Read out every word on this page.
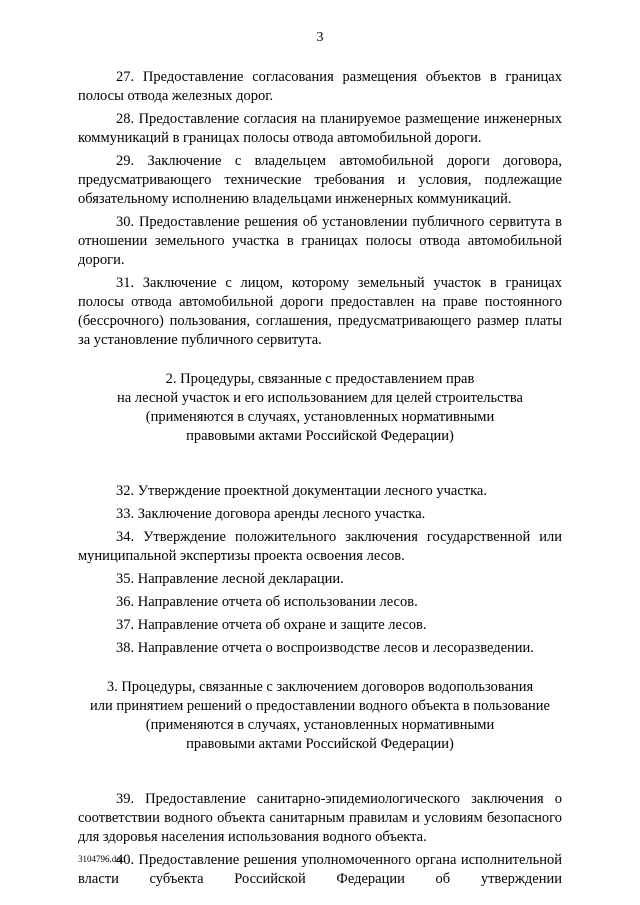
3

27. Предоставление согласования размещения объектов в границах полосы отвода железных дорог.

28. Предоставление согласия на планируемое размещение инженерных коммуникаций в границах полосы отвода автомобильной дороги.

29. Заключение с владельцем автомобильной дороги договора, предусматривающего технические требования и условия, подлежащие обязательному исполнению владельцами инженерных коммуникаций.

30. Предоставление решения об установлении публичного сервитута в отношении земельного участка в границах полосы отвода автомобильной дороги.

31. Заключение с лицом, которому земельный участок в границах полосы отвода автомобильной дороги предоставлен на праве постоянного (бессрочного) пользования, соглашения, предусматривающего размер платы за установление публичного сервитута.

2. Процедуры, связанные с предоставлением прав
на лесной участок и его использованием для целей строительства
(применяются в случаях, установленных нормативными
правовыми актами Российской Федерации)

32. Утверждение проектной документации лесного участка.

33. Заключение договора аренды лесного участка.

34. Утверждение положительного заключения государственной или муниципальной экспертизы проекта освоения лесов.

35. Направление лесной декларации.

36. Направление отчета об использовании лесов.

37. Направление отчета об охране и защите лесов.

38. Направление отчета о воспроизводстве лесов и лесоразведении.

3. Процедуры, связанные с заключением договоров водопользования
или принятием решений о предоставлении водного объекта в пользование
(применяются в случаях, установленных нормативными
правовыми актами Российской Федерации)

39. Предоставление санитарно-эпидемиологического заключения о соответствии водного объекта санитарным правилам и условиям безопасного для здоровья населения использования водного объекта.

40. Предоставление решения уполномоченного органа исполнительной власти субъекта Российской Федерации об утверждении

3104796.doc
